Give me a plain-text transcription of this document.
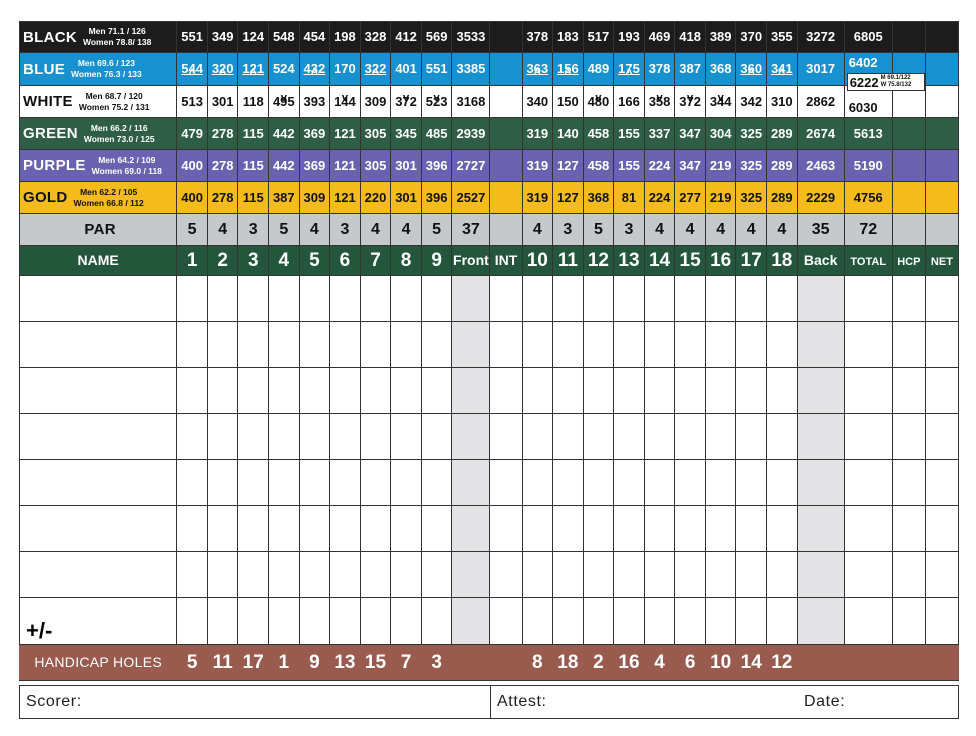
BLACK Men 71.1 / 126
Women 78.8/ 138	551	349	124	548	454	198	328	412	569	3533		378	183	517	193	469	418	389	370	355	3272	6805		

BLUE Men 69.6 / 123
Women 76.3 / 133	^ 544	^ 320	^ 121	524	^ 432	170	^ 322	401	551	3385		^ 363	^ 156	489	^ 175	378	387	368	^ 360	^ 341	3017	6402
6222 M 69.1/122
W 75.8/132		

WHITE Men 68.7 / 120
Women 75.2 / 131	513	301	118	v 495	393	v 144	309	v 372	v 523	3168		340	150	v 480	166	v 358	v 372	v 344	342	310	2862	6030		

GREEN Men 66.2 / 116
Women 73.0 / 125	479	278	115	442	369	121	305	345	485	2939		319	140	458	155	337	347	304	325	289	2674	5613		

PURPLE Men 64.2 / 109
Women 69.0 / 118	400	278	115	442	369	121	305	301	396	2727		319	127	458	155	224	347	219	325	289	2463	5190		

GOLD Men 62.2 / 105
Women 66.8 / 112	400	278	115	387	309	121	220	301	396	2527		319	127	368	81	224	277	219	325	289	2229	4756		
PAR	5	4	3	5	4	3	4	4	5	37		4	3	5	3	4	4	4	4	4	35	72		
NAME	1	2	3	4	5	6	7	8	9	Front	INT	10	11	12	13	14	15	16	17	18	Back	TOTAL	HCP	NET

+/-																								
HANDICAP HOLES	5	11	17	1	9	13	15	7	3			8	18	2	16	4	6	10	14	12				
Scorer:	Attest:	Date:
